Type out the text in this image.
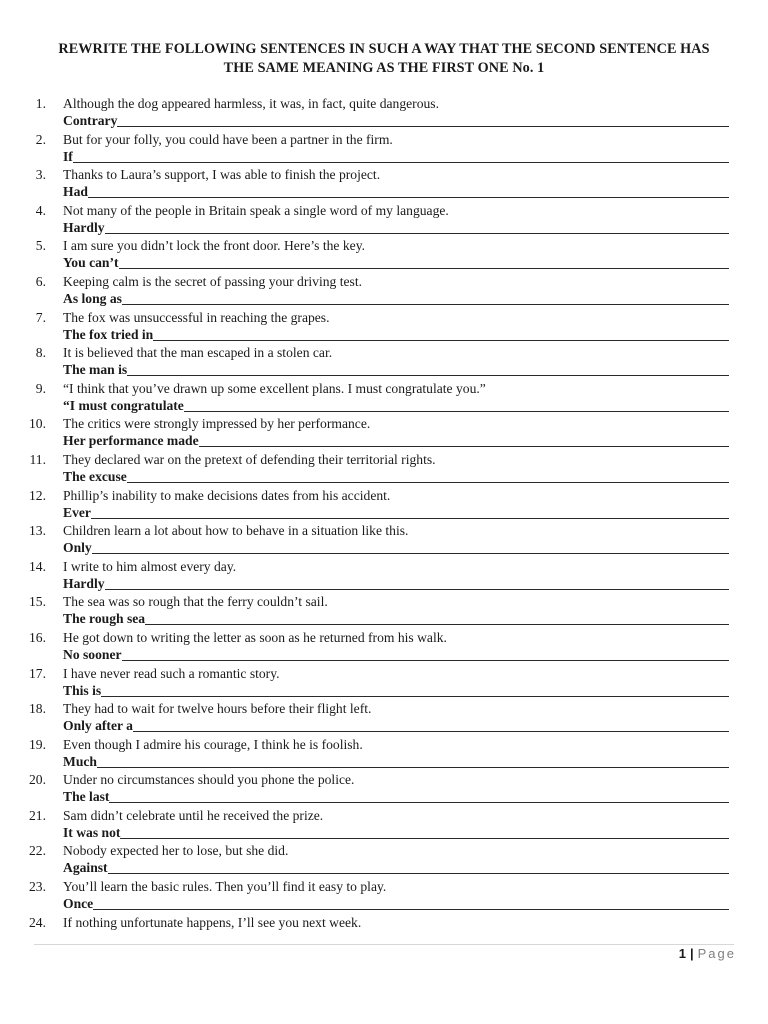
REWRITE THE FOLLOWING SENTENCES IN SUCH A WAY THAT THE SECOND SENTENCE HAS
THE SAME MEANING AS THE FIRST ONE No. 1
1. Although the dog appeared harmless, it was, in fact, quite dangerous.
Contrary
2. But for your folly, you could have been a partner in the firm.
If
3. Thanks to Laura’s support, I was able to finish the project.
Had
4. Not many of the people in Britain speak a single word of my language.
Hardly
5. I am sure you didn’t lock the front door. Here’s the key.
You can’t
6. Keeping calm is the secret of passing your driving test.
As long as
7. The fox was unsuccessful in reaching the grapes.
The fox tried in
8. It is believed that the man escaped in a stolen car.
The man is
9. “I think that you’ve drawn up some excellent plans. I must congratulate you.”
“I must congratulate
10. The critics were strongly impressed by her performance.
Her performance made
11. They declared war on the pretext of defending their territorial rights.
The excuse
12. Phillip’s inability to make decisions dates from his accident.
Ever
13. Children learn a lot about how to behave in a situation like this.
Only
14. I write to him almost every day.
Hardly
15. The sea was so rough that the ferry couldn’t sail.
The rough sea
16. He got down to writing the letter as soon as he returned from his walk.
No sooner
17. I have never read such a romantic story.
This is
18. They had to wait for twelve hours before their flight left.
Only after a
19. Even though I admire his courage, I think he is foolish.
Much
20. Under no circumstances should you phone the police.
The last
21. Sam didn’t celebrate until he received the prize.
It was not
22. Nobody expected her to lose, but she did.
Against
23. You’ll learn the basic rules. Then you’ll find it easy to play.
Once
24. If nothing unfortunate happens, I’ll see you next week.
1 | Page
